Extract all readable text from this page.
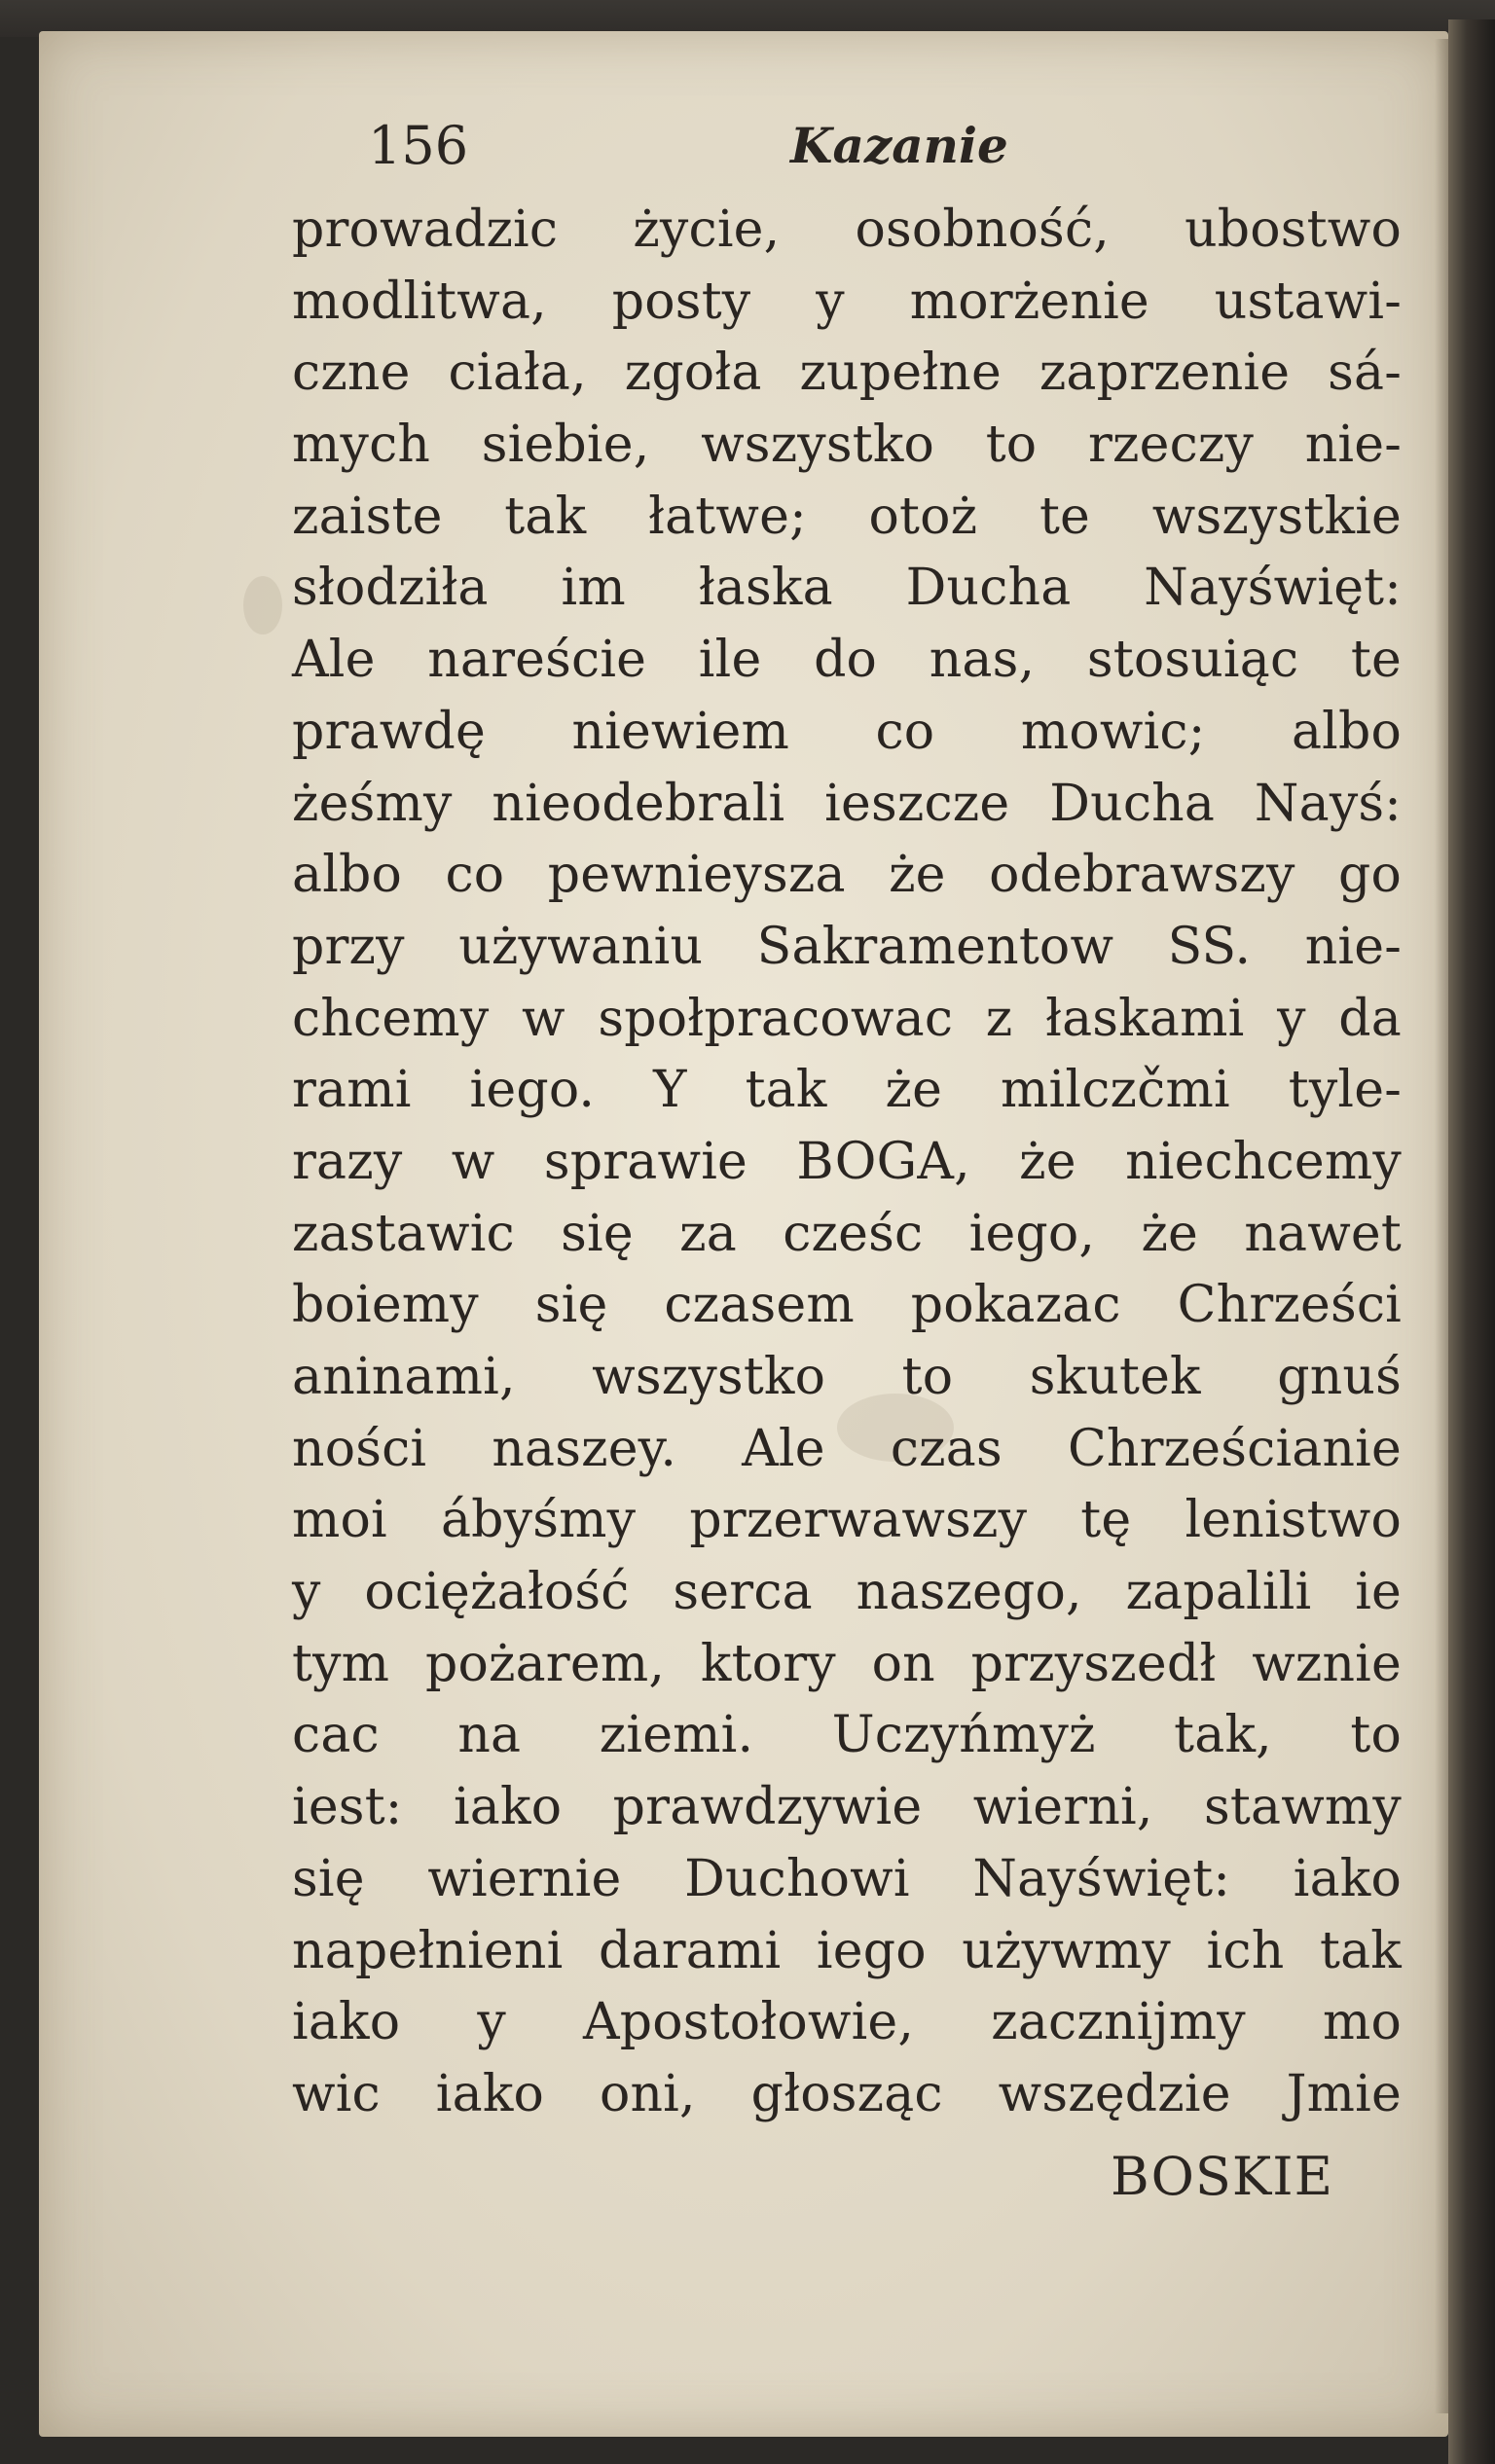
156	Kazanie
prowadzic życie, osobność, ubostwo
modlitwa, posty y morżenie ustawi-
czne ciała, zgoła zupełne zaprzenie sá-
mych siebie, wszystko to rzeczy nie-
zaiste tak łatwe; otoż te wszystkie
słodziła im łaska Ducha Nayświęt:
Ale nareście ile do nas, stosuiąc te
prawdę niewiem co mowic; albo
żeśmy nieodebrali ieszcze Ducha Nayś:
albo co pewnieysza że odebrawszy go
przy używaniu Sakramentow SS. nie-
chcemy w społpracowac z łaskami y da
rami iego. Y tak że milczčmi tyle-
razy w sprawie BOGA, że niechcemy
zastawic się za cześc iego, że nawet
boiemy się czasem pokazac Chrześci
aninami, wszystko to skutek gnuś
ności naszey. Ale czas Chrześcianie
moi ábyśmy przerwawszy tę lenistwo
y ociężałość serca naszego, zapalili ie
tym pożarem, ktory on przyszedł wznie
cac na ziemi. Uczyńmyż tak, to
iest: iako prawdzywie wierni, stawmy
się wiernie Duchowi Nayświęt: iako
napełnieni darami iego używmy ich tak
iako y Apostołowie, zacznijmy mo
wic iako oni, głosząc wszędzie Jmie
BOSKIE
